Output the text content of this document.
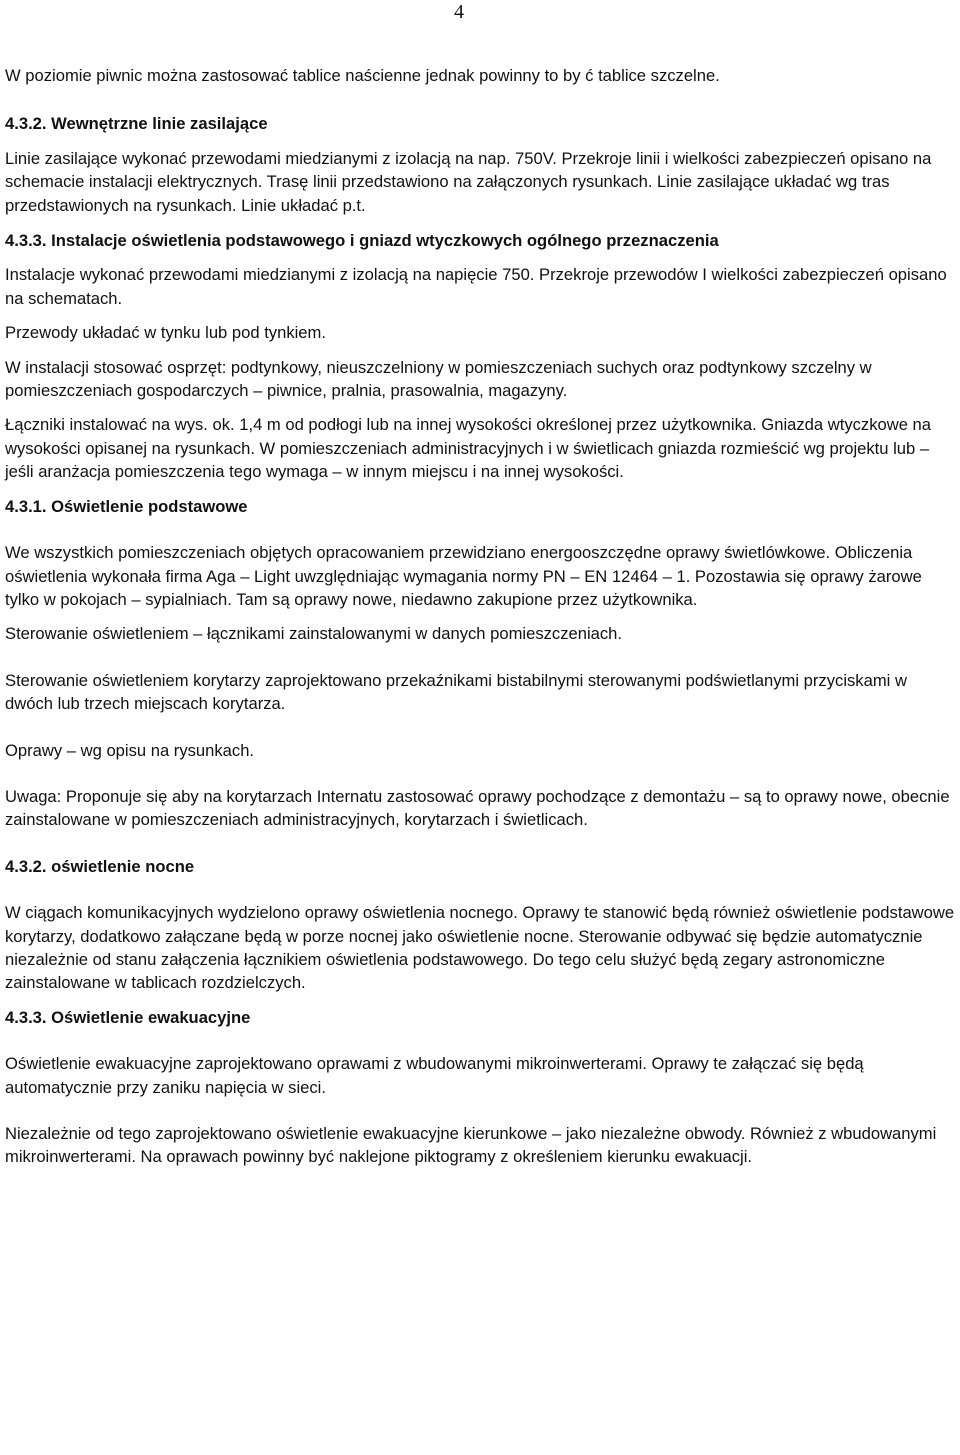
4

W poziomie piwnic można zastosować tablice naścienne jednak powinny to by ć tablice szczelne.

4.3.2. Wewnętrzne linie zasilające

Linie zasilające wykonać przewodami miedzianymi z izolacją na nap. 750V. Przekroje linii i wielkości zabezpieczeń opisano na schemacie instalacji elektrycznych. Trasę linii przedstawiono na załączonych rysunkach. Linie zasilające układać wg tras przedstawionych na rysunkach. Linie układać p.t.

4.3.3. Instalacje oświetlenia podstawowego i gniazd wtyczkowych ogólnego przeznaczenia

Instalacje wykonać przewodami miedzianymi z izolacją na napięcie 750. Przekroje przewodów I wielkości zabezpieczeń opisano na schematach.

Przewody układać w tynku lub pod tynkiem.

W instalacji stosować osprzęt: podtynkowy, nieuszczelniony w pomieszczeniach suchych oraz podtynkowy szczelny w pomieszczeniach gospodarczych – piwnice, pralnia, prasowalnia, magazyny.

Łączniki instalować na wys. ok. 1,4 m od podłogi lub na innej wysokości określonej przez użytkownika. Gniazda wtyczkowe na wysokości opisanej na rysunkach. W pomieszczeniach administracyjnych i w świetlicach gniazda rozmieścić wg projektu lub – jeśli aranżacja pomieszczenia tego wymaga – w innym miejscu i na innej wysokości.

4.3.1. Oświetlenie podstawowe

We wszystkich pomieszczeniach objętych opracowaniem przewidziano energooszczędne oprawy świetlówkowe. Obliczenia oświetlenia wykonała firma Aga – Light uwzględniając wymagania normy PN – EN 12464 – 1. Pozostawia się oprawy żarowe tylko w pokojach – sypialniach. Tam są oprawy nowe, niedawno zakupione przez użytkownika.

Sterowanie oświetleniem – łącznikami zainstalowanymi w danych pomieszczeniach.

Sterowanie oświetleniem korytarzy zaprojektowano przekaźnikami bistabilnymi sterowanymi podświetlanymi przyciskami w dwóch lub trzech miejscach korytarza.

Oprawy – wg opisu na rysunkach.

Uwaga: Proponuje się aby na korytarzach Internatu zastosować oprawy pochodzące z demontażu – są to oprawy nowe, obecnie zainstalowane w pomieszczeniach administracyjnych, korytarzach i świetlicach.

4.3.2. oświetlenie nocne

W ciągach komunikacyjnych wydzielono oprawy oświetlenia nocnego. Oprawy te stanowić będą również oświetlenie podstawowe korytarzy, dodatkowo załączane będą w porze nocnej jako oświetlenie nocne. Sterowanie odbywać się będzie automatycznie niezależnie od stanu załączenia łącznikiem oświetlenia podstawowego. Do tego celu służyć będą zegary astronomiczne zainstalowane w tablicach rozdzielczych.

4.3.3. Oświetlenie ewakuacyjne

Oświetlenie ewakuacyjne zaprojektowano oprawami z wbudowanymi mikroinwerterami. Oprawy te załączać się będą automatycznie przy zaniku napięcia w sieci.

Niezależnie od tego zaprojektowano oświetlenie ewakuacyjne kierunkowe – jako niezależne obwody. Również z wbudowanymi mikroinwerterami. Na oprawach powinny być naklejone piktogramy z określeniem kierunku ewakuacji.
